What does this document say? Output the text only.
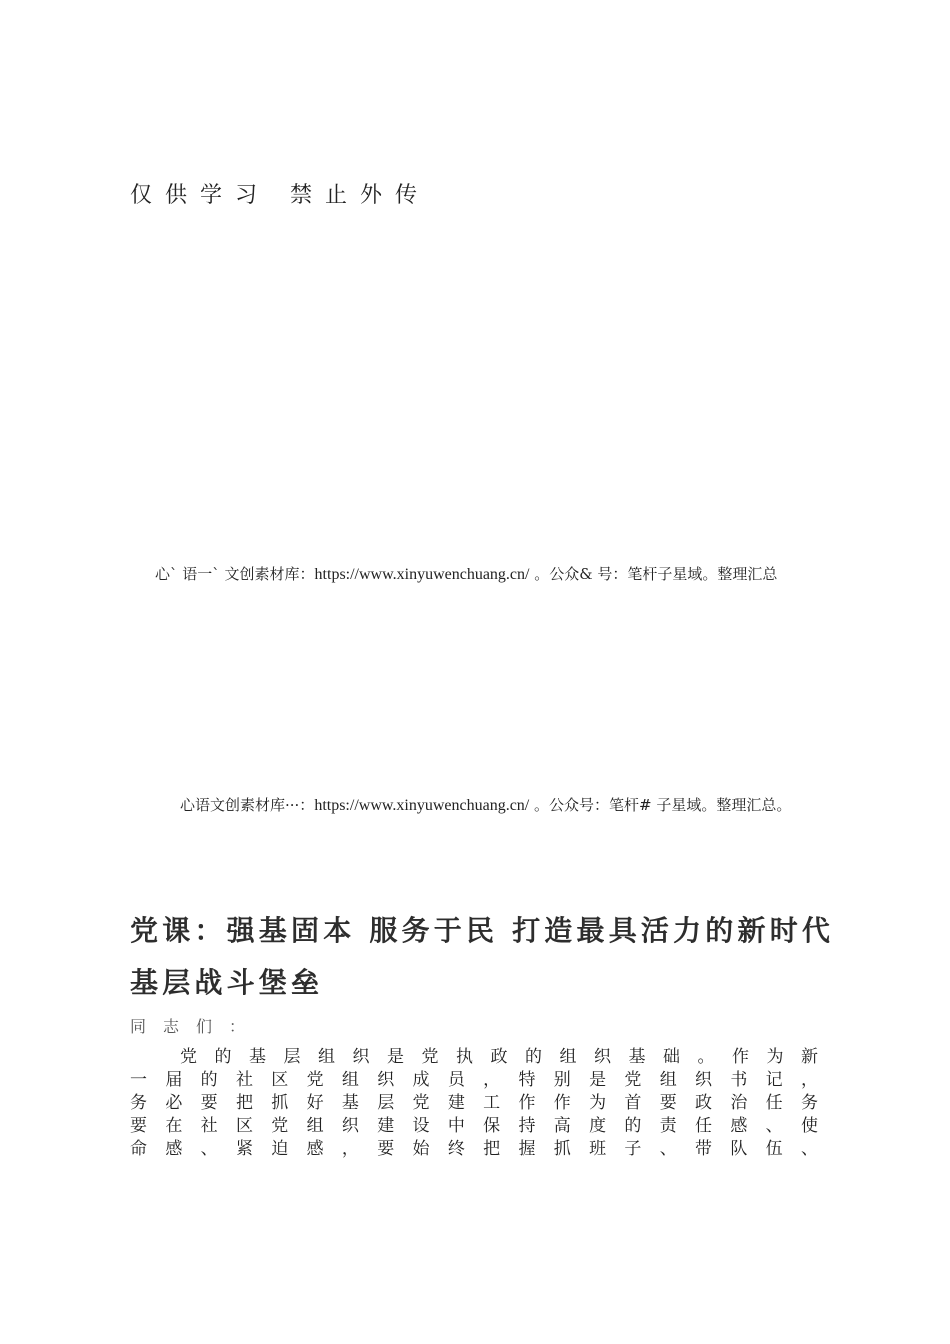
仅供学习 禁止外传
心` 语一` 文创素材库：https://www.xinyuwenchuang.cn/ 。公众& 号：笔杆子星域。整理汇总
心语文创素材库···：https://www.xinyuwenchuang.cn/ 。公众号：笔杆# 子星域。整理汇总。
党课：强基固本 服务于民 打造最具活力的新时代基层战斗堡垒
同志们：
党 的 基 层 组 织 是 党 执 政 的 组 织 基 础 。 作 为 新
一 届 的 社 区 党 组 织 成 员 ， 特 别 是 党 组 织 书 记 ，
务 必 要 把 抓 好 基 层 党 建 工 作 作 为 首 要 政 治 任 务
要 在 社 区 党 组 织 建 设 中 保 持 高 度 的 责 任 感 、 使
命 感 、 紧 迫 感 ， 要 始 终 把 握 抓 班 子 、 带 队 伍 、
